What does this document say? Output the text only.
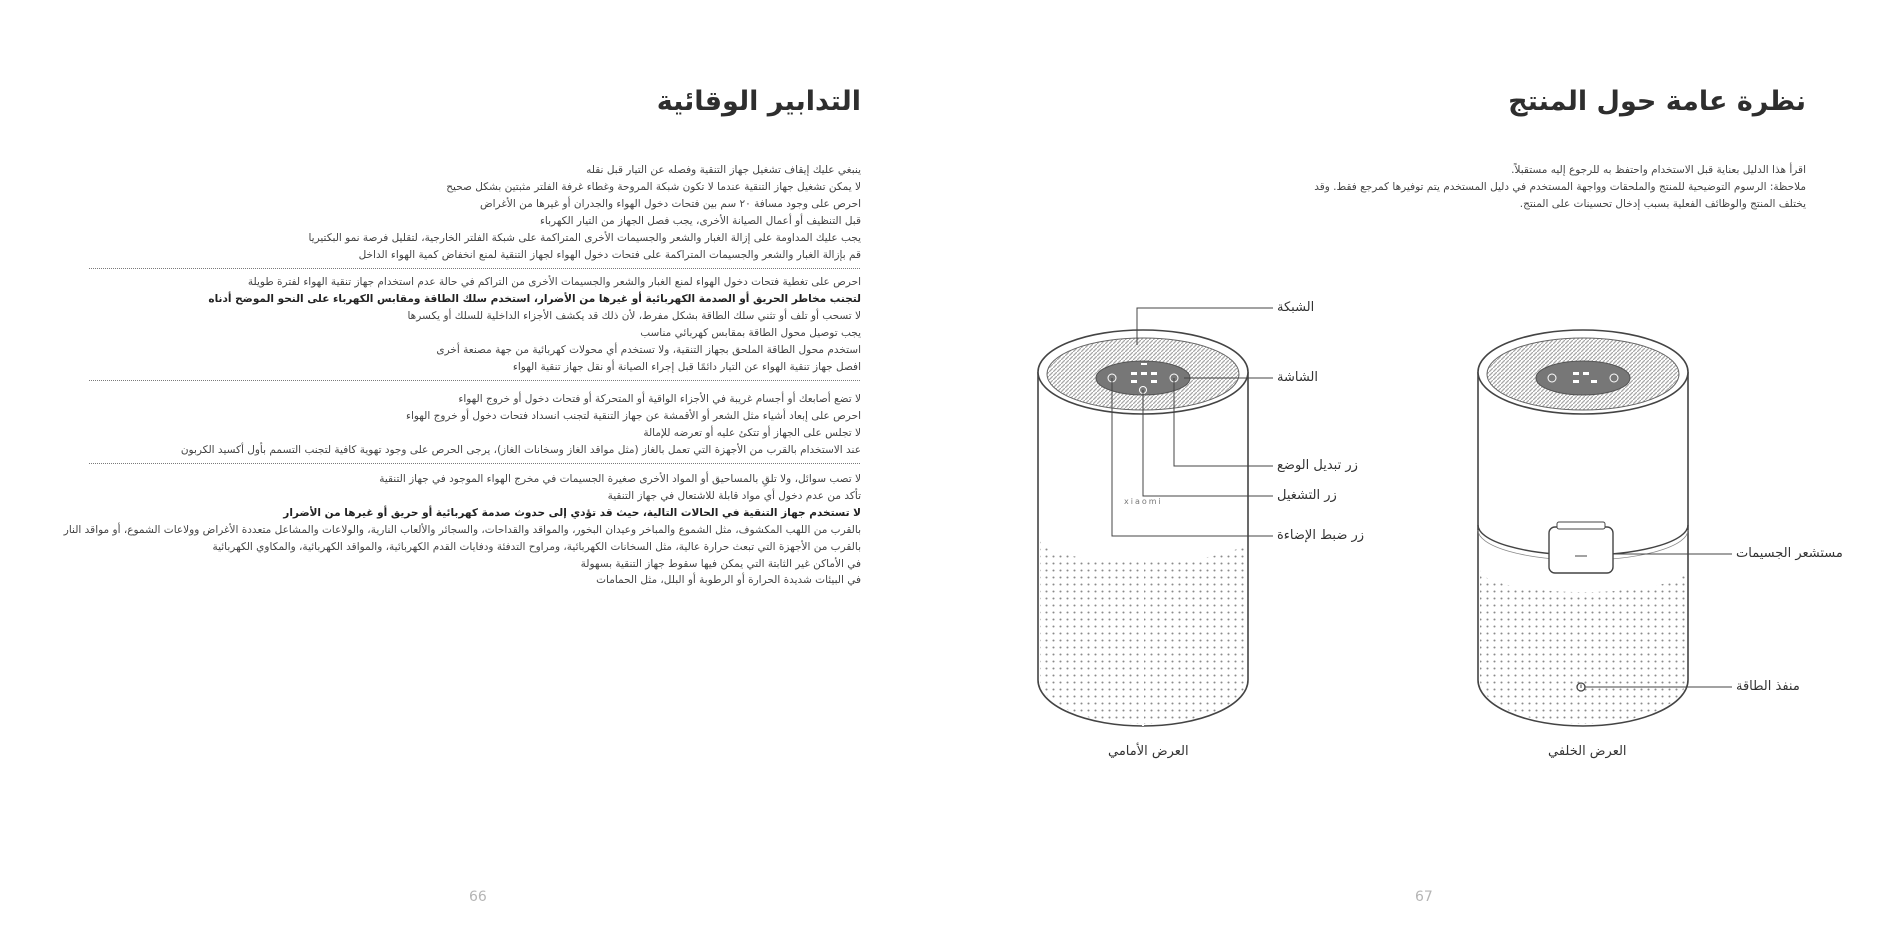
التدابير الوقائية
ينبغي عليك إيقاف تشغيل جهاز التنقية وفصله عن التيار قبل نقله
لا يمكن تشغيل جهاز التنقية عندما لا تكون شبكة المروحة وغطاء غرفة الفلتر مثبتين بشكل صحيح
احرص على وجود مسافة ٢٠ سم بين فتحات دخول الهواء والجدران أو غيرها من الأغراض
قبل التنظيف أو أعمال الصيانة الأخرى، يجب فصل الجهاز من التيار الكهرباء
يجب عليك المداومة على إزالة الغبار والشعر والجسيمات الأخرى المتراكمة على شبكة الفلتر الخارجية، لتقليل فرصة نمو البكتيريا
قم بإزالة الغبار والشعر والجسيمات المتراكمة على فتحات دخول الهواء لجهاز التنقية لمنع انخفاض كمية الهواء الداخل
احرص على تغطية فتحات دخول الهواء لمنع الغبار والشعر والجسيمات الأخرى من التراكم في حالة عدم استخدام جهاز تنقية الهواء لفترة طويلة
لتجنب مخاطر الحريق أو الصدمة الكهربائية أو غيرها من الأضرار، استخدم سلك الطاقة ومقابس الكهرباء على النحو الموضح أدناه
لا تسحب أو تلف أو تثني سلك الطاقة بشكل مفرط، لأن ذلك قد يكشف الأجزاء الداخلية للسلك أو يكسرها
يجب توصيل محول الطاقة بمقابس كهربائي مناسب
استخدم محول الطاقة الملحق بجهاز التنقية، ولا تستخدم أي محولات كهربائية من جهة مصنعة أخرى
افصل جهاز تنقية الهواء عن التيار دائمًا قبل إجراء الصيانة أو نقل جهاز تنقية الهواء
لا تضع أصابعك أو أجسام غريبة في الأجزاء الواقية أو المتحركة أو فتحات دخول أو خروج الهواء
احرص على إبعاد أشياء مثل الشعر أو الأقمشة عن جهاز التنقية لتجنب انسداد فتحات دخول أو خروج الهواء
لا تجلس على الجهاز أو تتكئ عليه أو تعرضه للإمالة
عند الاستخدام بالقرب من الأجهزة التي تعمل بالغاز (مثل مواقد الغاز وسخانات الغاز)، يرجى الحرص على وجود تهوية كافية لتجنب التسمم بأول أكسيد الكربون
لا تصب سوائل، ولا تلقِ بالمساحيق أو المواد الأخرى صغيرة الجسيمات في مخرج الهواء الموجود في جهاز التنقية
تأكد من عدم دخول أي مواد قابلة للاشتعال في جهاز التنقية
لا تستخدم جهاز التنقية في الحالات التالية، حيث قد تؤدي إلى حدوث صدمة كهربائية أو حريق أو غيرها من الأضرار
بالقرب من اللهب المكشوف، مثل الشموع والمباخر وعيدان البخور، والمواقد والقداحات، والسجائر والألعاب النارية، والولاعات والمشاعل متعددة الأغراض وولاعات الشموع، أو مواقد النار
بالقرب من الأجهزة التي تبعث حرارة عالية، مثل السخانات الكهربائية، ومراوح التدفئة ودفايات القدم الكهربائية، والمواقد الكهربائية، والمكاوي الكهربائية
في الأماكن غير الثابتة التي يمكن فيها سقوط جهاز التنقية بسهولة
في البيئات شديدة الحرارة أو الرطوبة أو البلل، مثل الحمامات
66
نظرة عامة حول المنتج
اقرأ هذا الدليل بعناية قبل الاستخدام واحتفظ به للرجوع إليه مستقبلاً.
ملاحظة: الرسوم التوضيحية للمنتج والملحقات وواجهة المستخدم في دليل المستخدم يتم توفيرها كمرجع فقط. وقد
يختلف المنتج والوظائف الفعلية بسبب إدخال تحسينات على المنتج.
xiaomi
الشبكة
الشاشة
زر تبديل الوضع
زر التشغيل
زر ضبط الإضاءة
مستشعر الجسيمات
منفذ الطاقة
العرض الأمامي	العرض الخلفي
67
